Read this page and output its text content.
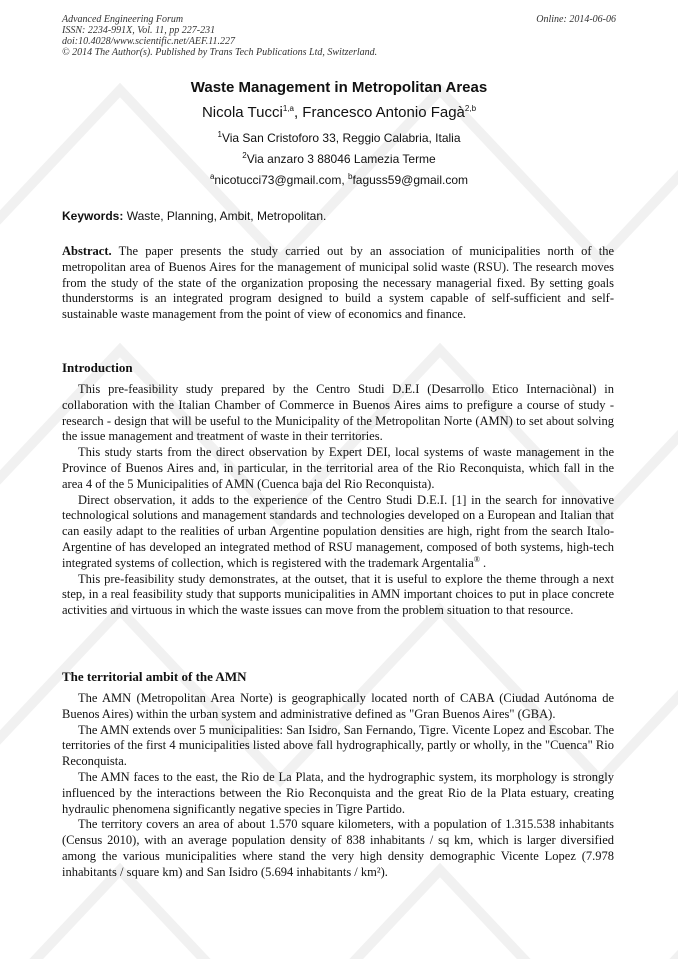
Advanced Engineering Forum
ISSN: 2234-991X, Vol. 11, pp 227-231
doi:10.4028/www.scientific.net/AEF.11.227
© 2014 The Author(s). Published by Trans Tech Publications Ltd, Switzerland.
Online: 2014-06-06
Waste Management in Metropolitan Areas
Nicola Tucci$^{1,a}$, Francesco Antonio Fagà$^{2,b}$
$^1$Via San Cristoforo 33, Reggio Calabria, Italia
$^2$Via anzaro 3 88046 Lamezia Terme
$^a$nicotucci73@gmail.com, $^b$faguss59@gmail.com
Keywords: Waste, Planning, Ambit, Metropolitan.

Abstract. The paper presents the study carried out by an association of municipalities north of the metropolitan area of Buenos Aires for the management of municipal solid waste (RSU). The research moves from the study of the state of the organization proposing the necessary managerial fixed. By setting goals thunderstorms is an integrated program designed to build a system capable of self-sufficient and self-sustainable waste management from the point of view of economics and finance.

Introduction

This pre-feasibility study prepared by the Centro Studi D.E.I (Desarrollo Etico Internaciònal) in collaboration with the Italian Chamber of Commerce in Buenos Aires aims to prefigure a course of study - research - design that will be useful to the Municipality of the Metropolitan Norte (AMN) to set about solving the issue management and treatment of waste in their territories.

This study starts from the direct observation by Expert DEI, local systems of waste management in the Province of Buenos Aires and, in particular, in the territorial area of the Rio Reconquista, which fall in the area 4 of the 5 Municipalities of AMN (Cuenca baja del Rio Reconquista).

Direct observation, it adds to the experience of the Centro Studi D.E.I. [1] in the search for innovative technological solutions and management standards and technologies developed on a European and Italian that can easily adapt to the realities of urban Argentine population densities are high, right from the search Italo-Argentine of has developed an integrated method of RSU management, composed of both systems, high-tech integrated systems of collection, which is registered with the trademark Argentalia® .

This pre-feasibility study demonstrates, at the outset, that it is useful to explore the theme through a next step, in a real feasibility study that supports municipalities in AMN important choices to put in place concrete activities and virtuous in which the waste issues can move from the problem situation to that resource.

The territorial ambit of the AMN

The AMN (Metropolitan Area Norte) is geographically located north of CABA (Ciudad Autónoma de Buenos Aires) within the urban system and administrative defined as "Gran Buenos Aires" (GBA).

The AMN extends over 5 municipalities: San Isidro, San Fernando, Tigre. Vicente Lopez and Escobar. The territories of the first 4 municipalities listed above fall hydrographically, partly or wholly, in the "Cuenca" Rio Reconquista.

The AMN faces to the east, the Rio de La Plata, and the hydrographic system, its morphology is strongly influenced by the interactions between the Rio Reconquista and the great Rio de la Plata estuary, creating hydraulic phenomena significantly negative species in Tigre Partido.

The territory covers an area of about 1.570 square kilometers, with a population of 1.315.538 inhabitants (Census 2010), with an average population density of 838 inhabitants / sq km, which is larger diversified among the various municipalities where stand the very high density demographic Vicente Lopez (7.978 inhabitants / square km) and San Isidro (5.694 inhabitants / km²).
